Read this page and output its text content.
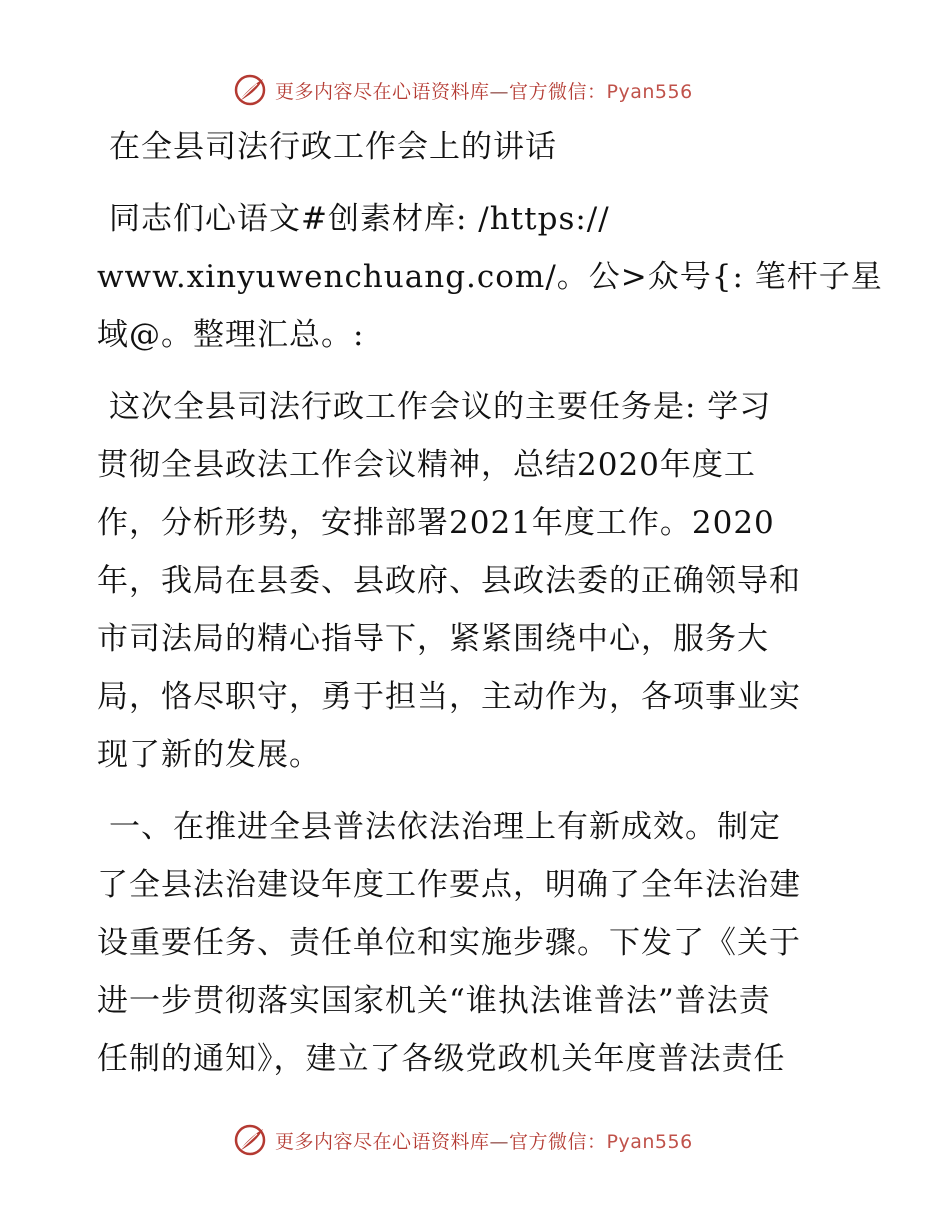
更多内容尽在心语资料库—官方微信：Pyan556
在全县司法行政工作会上的讲话
同志们心语文#创素材库: /https://
www.xinyuwenchuang.com/。公>众号{: 笔杆子星
域@。整理汇总。:
这次全县司法行政工作会议的主要任务是: 学习
贯彻全县政法工作会议精神，总结2020年度工
作，分析形势，安排部署2021年度工作。2020
年，我局在县委、县政府、县政法委的正确领导和
市司法局的精心指导下，紧紧围绕中心，服务大
局，恪尽职守，勇于担当，主动作为，各项事业实
现了新的发展。
一、在推进全县普法依法治理上有新成效。制定
了全县法治建设年度工作要点，明确了全年法治建
设重要任务、责任单位和实施步骤。下发了《关于
进一步贯彻落实国家机关“谁执法谁普法”普法责
任制的通知》，建立了各级党政机关年度普法责任
更多内容尽在心语资料库—官方微信：Pyan556
